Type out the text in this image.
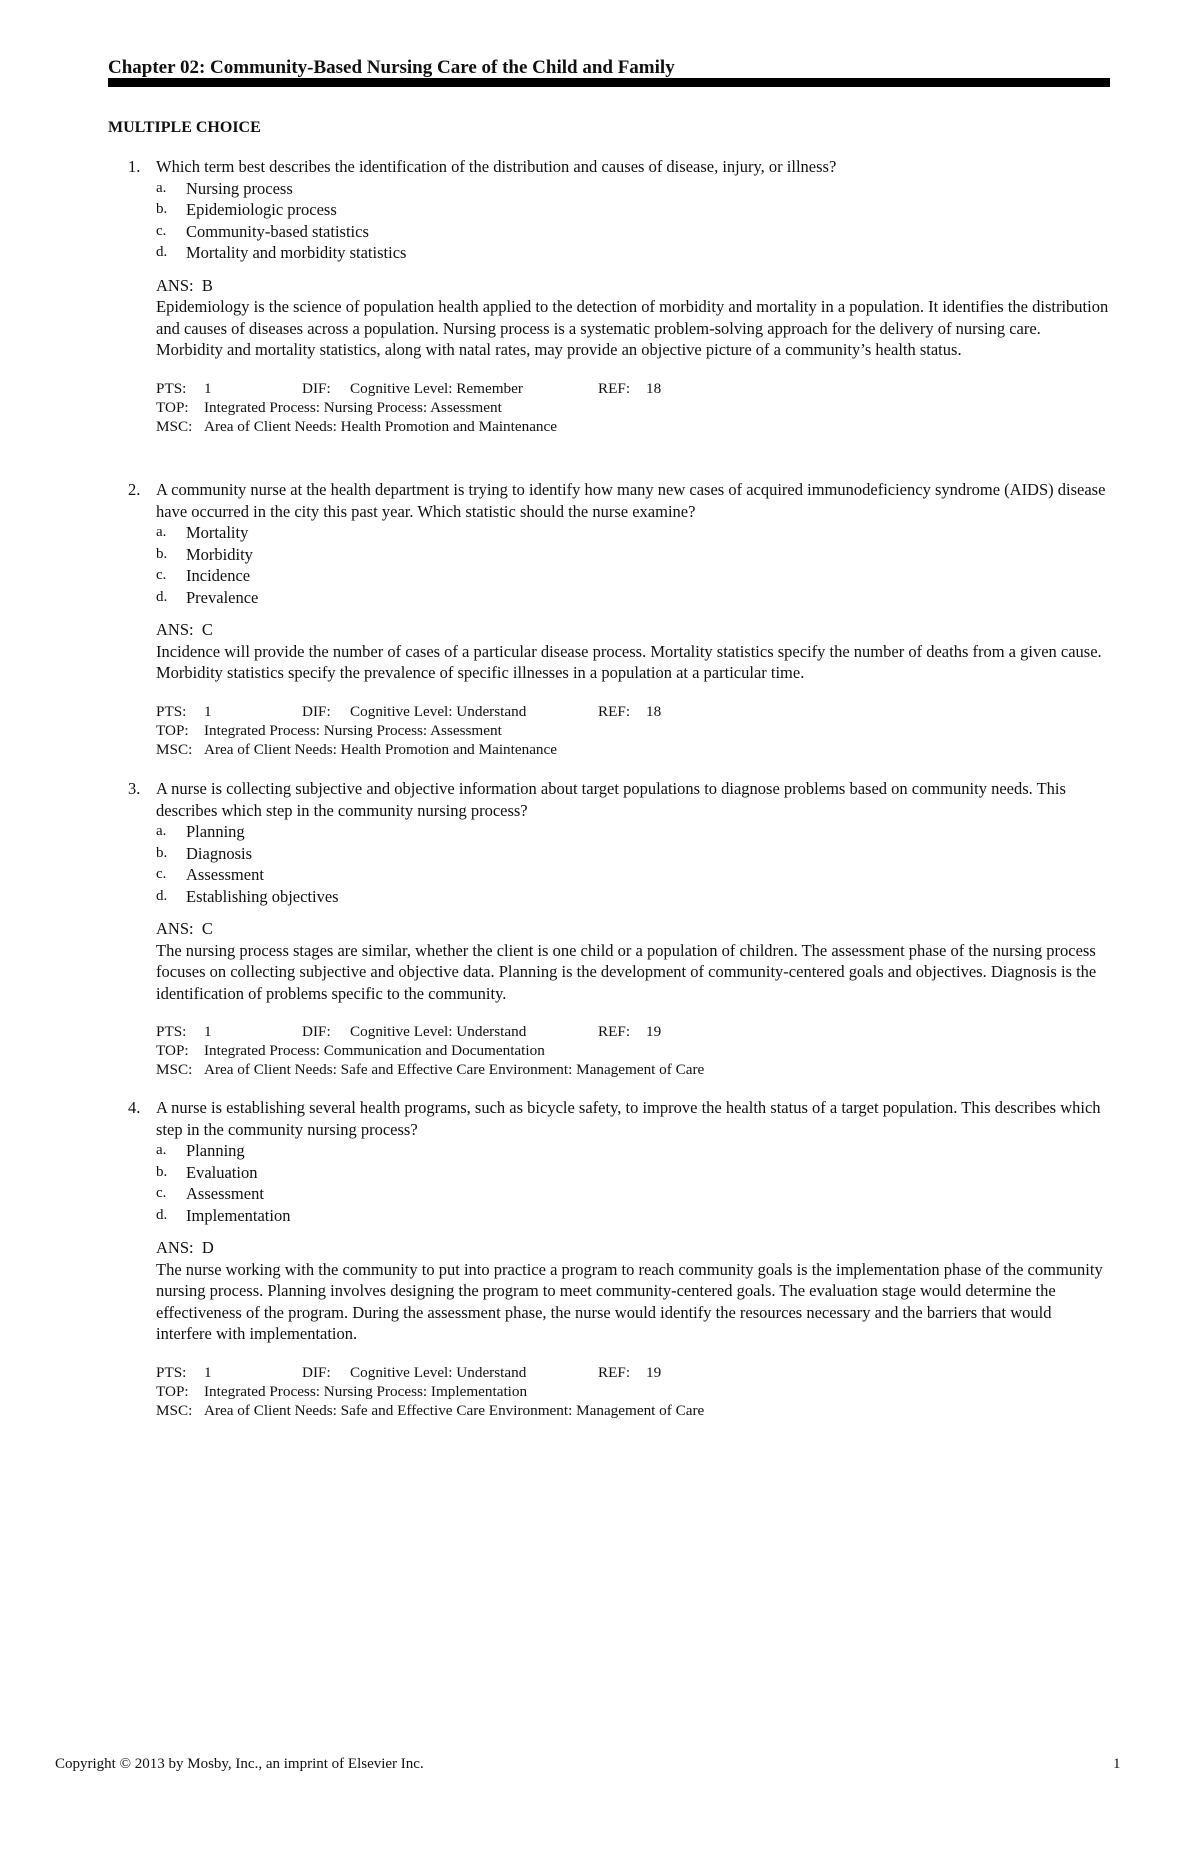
Chapter 02: Community-Based Nursing Care of the Child and Family
MULTIPLE CHOICE
1. Which term best describes the identification of the distribution and causes of disease, injury, or illness?

a. Nursing process
b. Epidemiologic process
c. Community-based statistics
d. Mortality and morbidity statistics

ANS: B

Epidemiology is the science of population health applied to the detection of morbidity and mortality in a population. It identifies the distribution and causes of diseases across a population. Nursing process is a systematic problem-solving approach for the delivery of nursing care. Morbidity and mortality statistics, along with natal rates, may provide an objective picture of a community’s health status.

PTS: 1	DIF: Cognitive Level: Remember	REF: 18
TOP: Integrated Process: Nursing Process: Assessment
MSC: Area of Client Needs: Health Promotion and Maintenance
2. A community nurse at the health department is trying to identify how many new cases of acquired immunodeficiency syndrome (AIDS) disease have occurred in the city this past year. Which statistic should the nurse examine?

a. Mortality
b. Morbidity
c. Incidence
d. Prevalence

ANS: C

Incidence will provide the number of cases of a particular disease process. Mortality statistics specify the number of deaths from a given cause. Morbidity statistics specify the prevalence of specific illnesses in a population at a particular time.

PTS: 1	DIF: Cognitive Level: Understand	REF: 18
TOP: Integrated Process: Nursing Process: Assessment
MSC: Area of Client Needs: Health Promotion and Maintenance
3. A nurse is collecting subjective and objective information about target populations to diagnose problems based on community needs. This describes which step in the community nursing process?

a. Planning
b. Diagnosis
c. Assessment
d. Establishing objectives

ANS: C

The nursing process stages are similar, whether the client is one child or a population of children. The assessment phase of the nursing process focuses on collecting subjective and objective data. Planning is the development of community-centered goals and objectives. Diagnosis is the identification of problems specific to the community.

PTS: 1	DIF: Cognitive Level: Understand	REF: 19
TOP: Integrated Process: Communication and Documentation
MSC: Area of Client Needs: Safe and Effective Care Environment: Management of Care
4. A nurse is establishing several health programs, such as bicycle safety, to improve the health status of a target population. This describes which step in the community nursing process?

a. Planning
b. Evaluation
c. Assessment
d. Implementation

ANS: D

The nurse working with the community to put into practice a program to reach community goals is the implementation phase of the community nursing process. Planning involves designing the program to meet community-centered goals. The evaluation stage would determine the effectiveness of the program. During the assessment phase, the nurse would identify the resources necessary and the barriers that would interfere with implementation.

PTS: 1	DIF: Cognitive Level: Understand	REF: 19
TOP: Integrated Process: Nursing Process: Implementation
MSC: Area of Client Needs: Safe and Effective Care Environment: Management of Care
Copyright © 2013 by Mosby, Inc., an imprint of Elsevier Inc.	1
